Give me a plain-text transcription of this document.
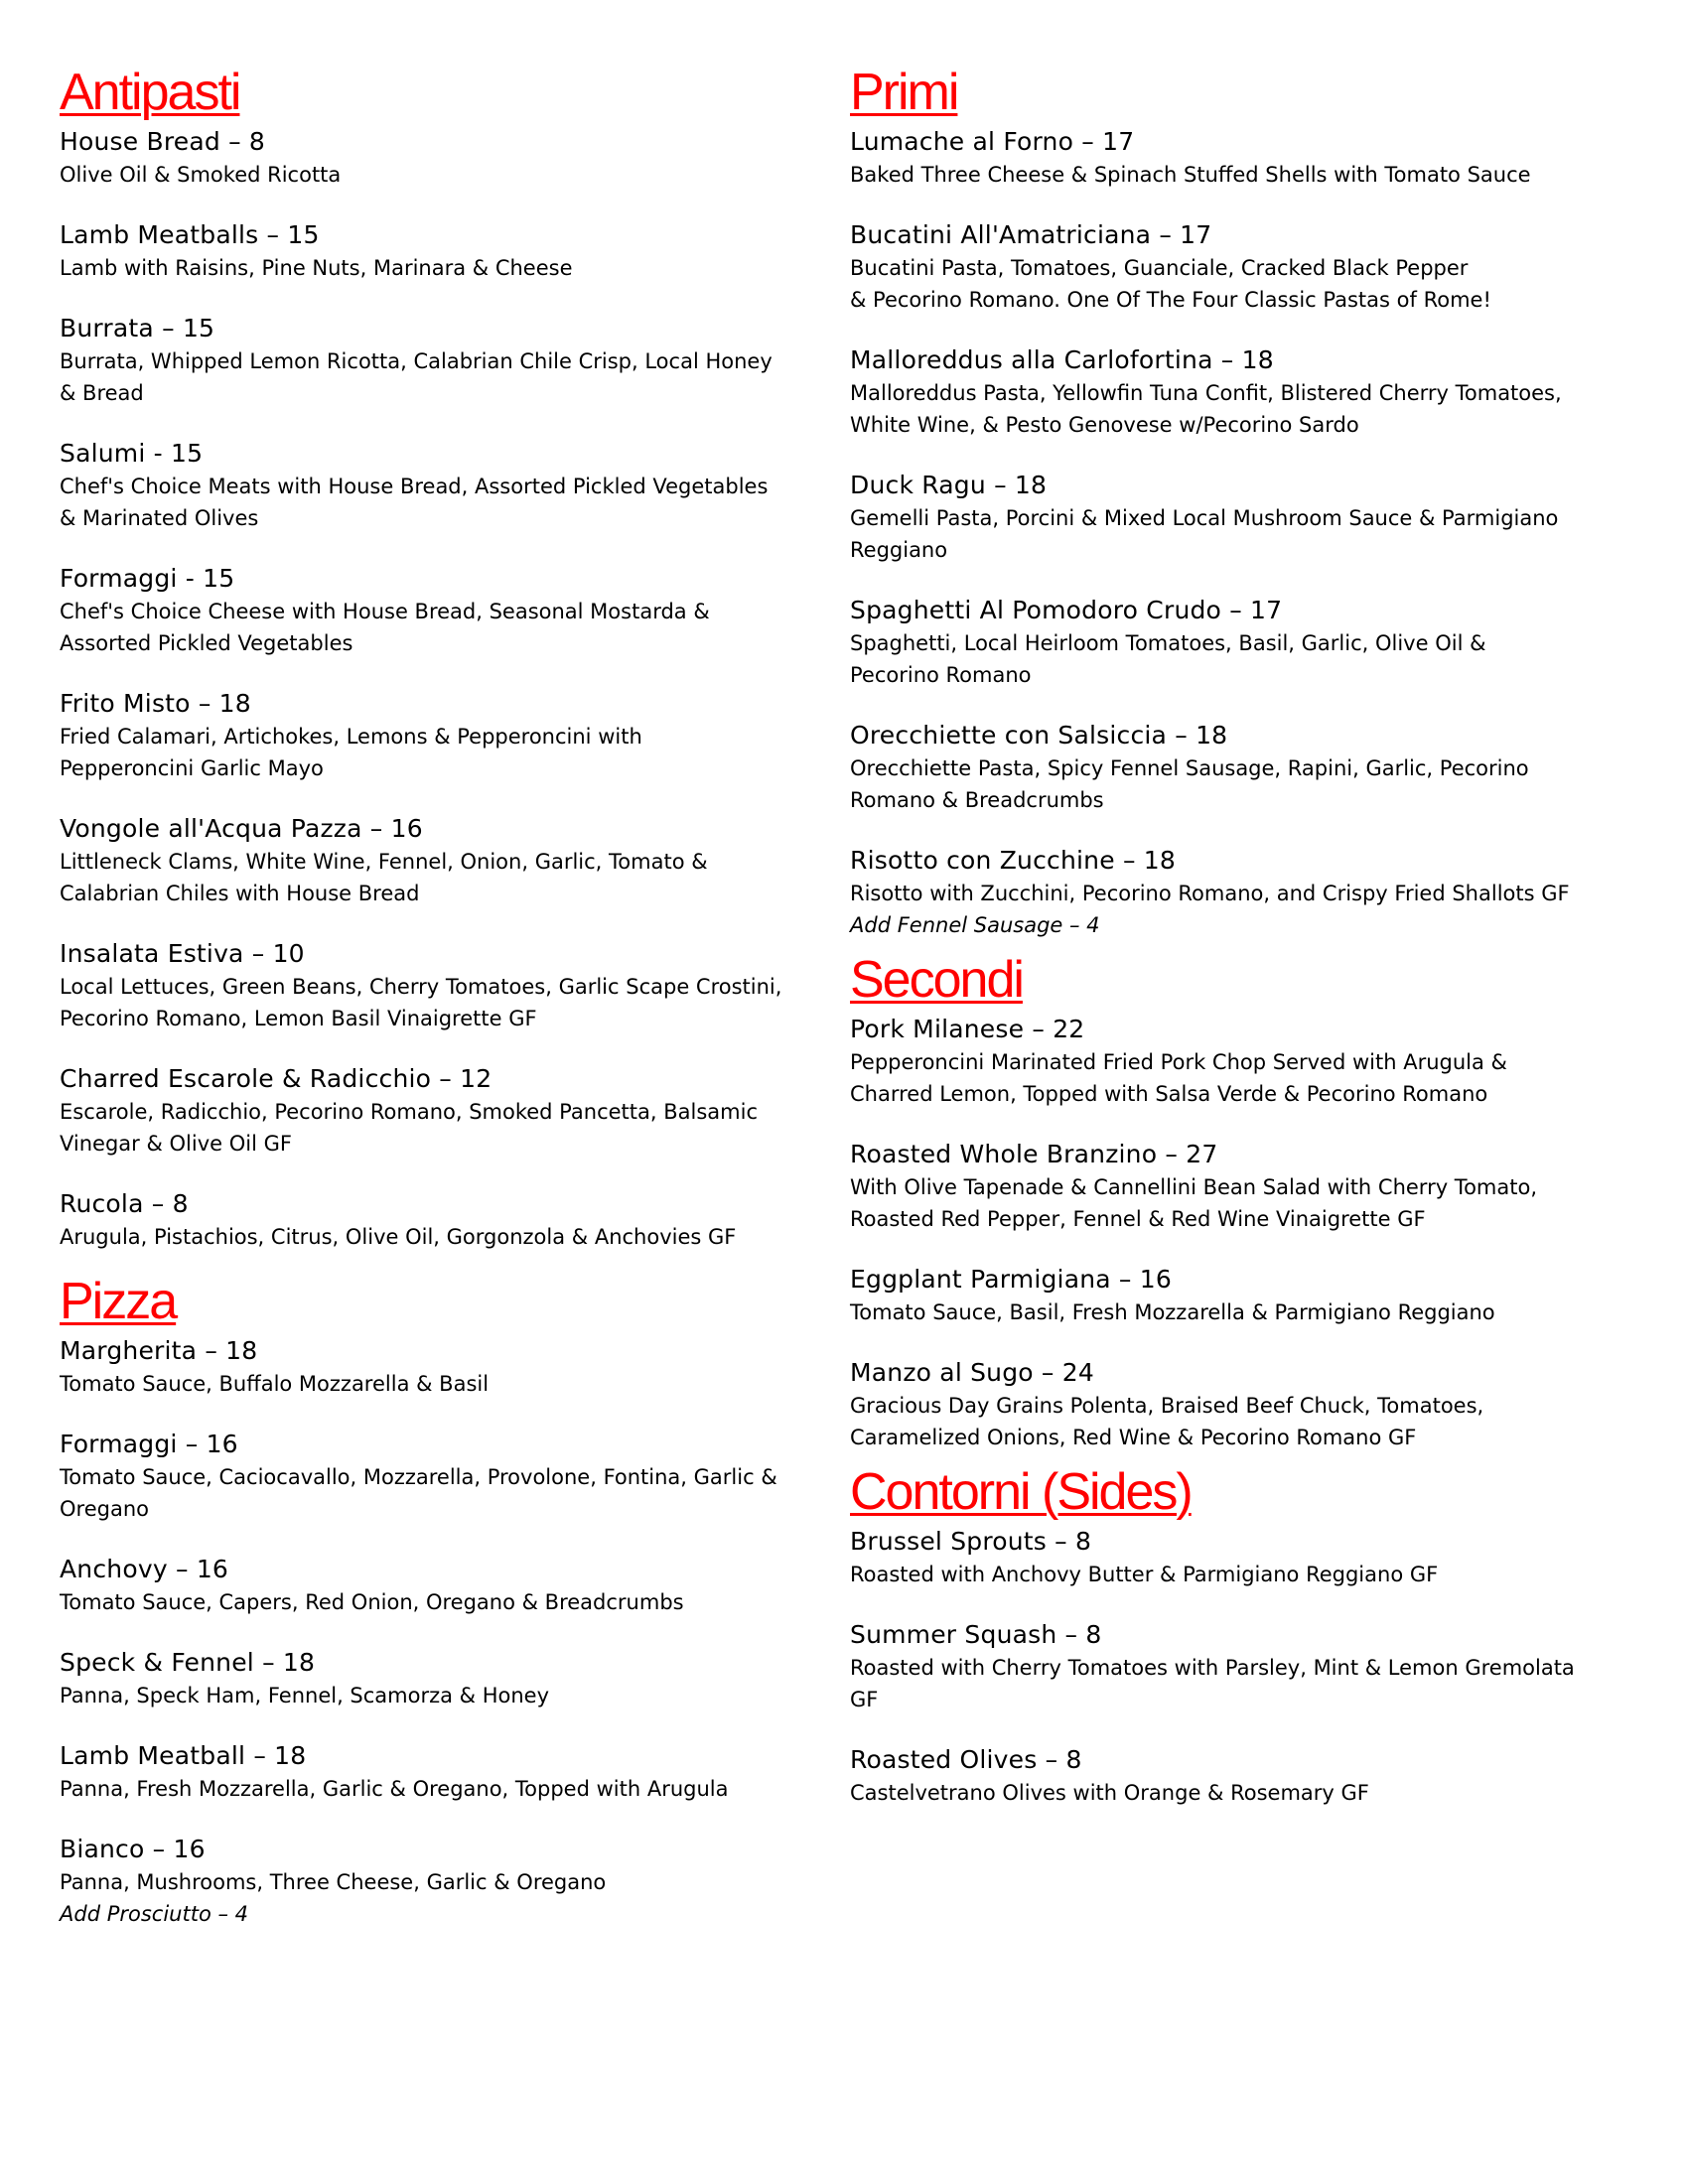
Antipasti
House Bread – 8
Olive Oil & Smoked Ricotta
Lamb Meatballs – 15
Lamb with Raisins, Pine Nuts, Marinara & Cheese
Burrata – 15
Burrata, Whipped Lemon Ricotta, Calabrian Chile Crisp, Local Honey
& Bread
Salumi - 15
Chef's Choice Meats with House Bread, Assorted Pickled Vegetables
& Marinated Olives
Formaggi - 15
Chef's Choice Cheese with House Bread, Seasonal Mostarda &
Assorted Pickled Vegetables
Frito Misto – 18
Fried Calamari, Artichokes, Lemons & Pepperoncini with
Pepperoncini Garlic Mayo
Vongole all'Acqua Pazza – 16
Littleneck Clams, White Wine, Fennel, Onion, Garlic, Tomato &
Calabrian Chiles with House Bread
Insalata Estiva – 10
Local Lettuces, Green Beans, Cherry Tomatoes, Garlic Scape Crostini,
Pecorino Romano, Lemon Basil Vinaigrette GF
Charred Escarole & Radicchio – 12
Escarole, Radicchio, Pecorino Romano, Smoked Pancetta, Balsamic
Vinegar & Olive Oil GF
Rucola – 8
Arugula, Pistachios, Citrus, Olive Oil, Gorgonzola & Anchovies GF
Pizza
Margherita – 18
Tomato Sauce, Buffalo Mozzarella & Basil
Formaggi – 16
Tomato Sauce, Caciocavallo, Mozzarella, Provolone, Fontina, Garlic &
Oregano
Anchovy – 16
Tomato Sauce, Capers, Red Onion, Oregano & Breadcrumbs
Speck & Fennel – 18
Panna, Speck Ham, Fennel, Scamorza & Honey
Lamb Meatball – 18
Panna, Fresh Mozzarella, Garlic & Oregano, Topped with Arugula
Bianco – 16
Panna, Mushrooms, Three Cheese, Garlic & Oregano
Add Prosciutto – 4
Primi
Lumache al Forno – 17
Baked Three Cheese & Spinach Stuffed Shells with Tomato Sauce
Bucatini All'Amatriciana – 17
Bucatini Pasta, Tomatoes, Guanciale, Cracked Black Pepper
& Pecorino Romano. One Of The Four Classic Pastas of Rome!
Malloreddus alla Carlofortina – 18
Malloreddus Pasta, Yellowfin Tuna Confit, Blistered Cherry Tomatoes,
White Wine, & Pesto Genovese w/Pecorino Sardo
Duck Ragu – 18
Gemelli Pasta, Porcini & Mixed Local Mushroom Sauce & Parmigiano
Reggiano
Spaghetti Al Pomodoro Crudo – 17
Spaghetti, Local Heirloom Tomatoes, Basil, Garlic, Olive Oil &
Pecorino Romano
Orecchiette con Salsiccia – 18
Orecchiette Pasta, Spicy Fennel Sausage, Rapini, Garlic, Pecorino
Romano & Breadcrumbs
Risotto con Zucchine – 18
Risotto with Zucchini, Pecorino Romano, and Crispy Fried Shallots GF
Add Fennel Sausage – 4
Secondi
Pork Milanese – 22
Pepperoncini Marinated Fried Pork Chop Served with Arugula &
Charred Lemon, Topped with Salsa Verde & Pecorino Romano
Roasted Whole Branzino – 27
With Olive Tapenade & Cannellini Bean Salad with Cherry Tomato,
Roasted Red Pepper, Fennel & Red Wine Vinaigrette GF
Eggplant Parmigiana – 16
Tomato Sauce, Basil, Fresh Mozzarella & Parmigiano Reggiano
Manzo al Sugo – 24
Gracious Day Grains Polenta, Braised Beef Chuck, Tomatoes,
Caramelized Onions, Red Wine & Pecorino Romano GF
Contorni (Sides)
Brussel Sprouts – 8
Roasted with Anchovy Butter & Parmigiano Reggiano GF
Summer Squash – 8
Roasted with Cherry Tomatoes with Parsley, Mint & Lemon Gremolata
GF
Roasted Olives – 8
Castelvetrano Olives with Orange & Rosemary GF
